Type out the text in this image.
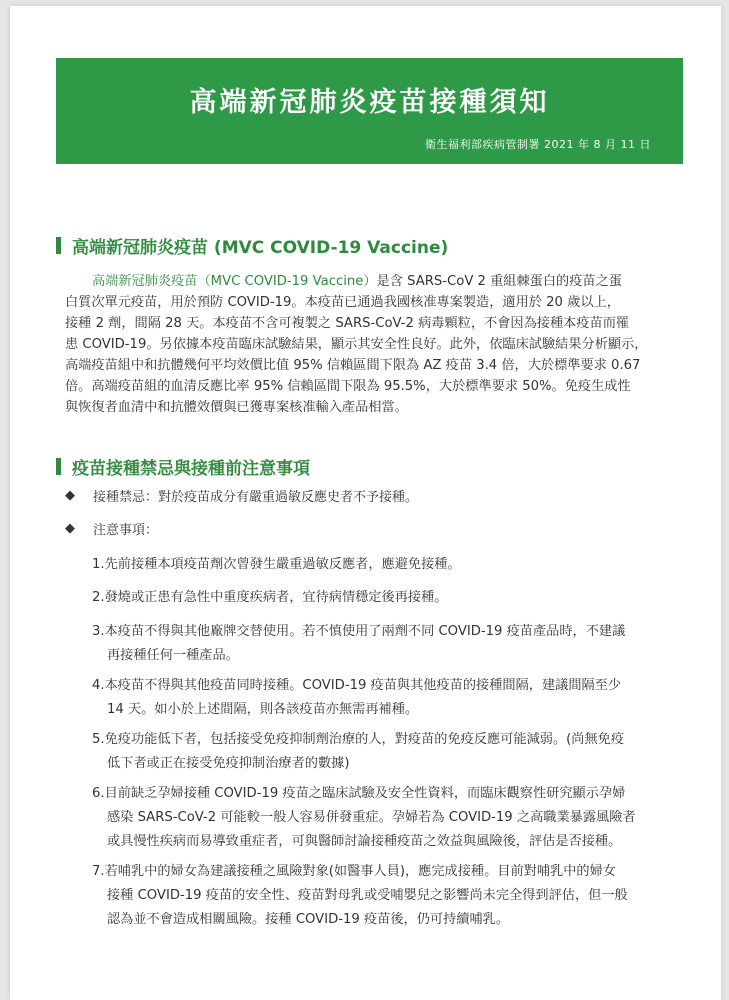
高端新冠肺炎疫苗接種須知
衛生福利部疾病管制署 2021 年 8 月 11 日
高端新冠肺炎疫苗 (MVC COVID-19 Vaccine)
高端新冠肺炎疫苗（MVC COVID-19 Vaccine）是含 SARS-CoV 2 重組棘蛋白的疫苗之蛋
白質次單元疫苗，用於預防 COVID-19。本疫苗已通過我國核准專案製造，適用於 20 歲以上，
接種 2 劑，間隔 28 天。本疫苗不含可複製之 SARS-CoV-2 病毒顆粒，不會因為接種本疫苗而罹
患 COVID-19。另依據本疫苗臨床試驗結果，顯示其安全性良好。此外，依臨床試驗結果分析顯示，
高端疫苗組中和抗體幾何平均效價比值 95% 信賴區間下限為 AZ 疫苗 3.4 倍，大於標準要求 0.67
倍。高端疫苗組的血清反應比率 95% 信賴區間下限為 95.5%，大於標準要求 50%。免疫生成性
與恢復者血清中和抗體效價與已獲專案核准輸入產品相當。
疫苗接種禁忌與接種前注意事項
◆	接種禁忌：對於疫苗成分有嚴重過敏反應史者不予接種。
◆	注意事項：
1.先前接種本項疫苗劑次曾發生嚴重過敏反應者，應避免接種。
2.發燒或正患有急性中重度疾病者，宜待病情穩定後再接種。
3.本疫苗不得與其他廠牌交替使用。若不慎使用了兩劑不同 COVID-19 疫苗產品時，不建議
再接種任何一種產品。
4.本疫苗不得與其他疫苗同時接種。COVID-19 疫苗與其他疫苗的接種間隔，建議間隔至少
14 天。如小於上述間隔，則各該疫苗亦無需再補種。
5.免疫功能低下者，包括接受免疫抑制劑治療的人，對疫苗的免疫反應可能減弱。(尚無免疫
低下者或正在接受免疫抑制治療者的數據)
6.目前缺乏孕婦接種 COVID-19 疫苗之臨床試驗及安全性資料，而臨床觀察性研究顯示孕婦
感染 SARS-CoV-2 可能較一般人容易併發重症。孕婦若為 COVID-19 之高職業暴露風險者
或具慢性疾病而易導致重症者，可與醫師討論接種疫苗之效益與風險後，評估是否接種。
7.若哺乳中的婦女為建議接種之風險對象(如醫事人員)，應完成接種。目前對哺乳中的婦女
接種 COVID-19 疫苗的安全性、疫苗對母乳或受哺嬰兒之影響尚未完全得到評估，但一般
認為並不會造成相關風險。接種 COVID-19 疫苗後，仍可持續哺乳。
